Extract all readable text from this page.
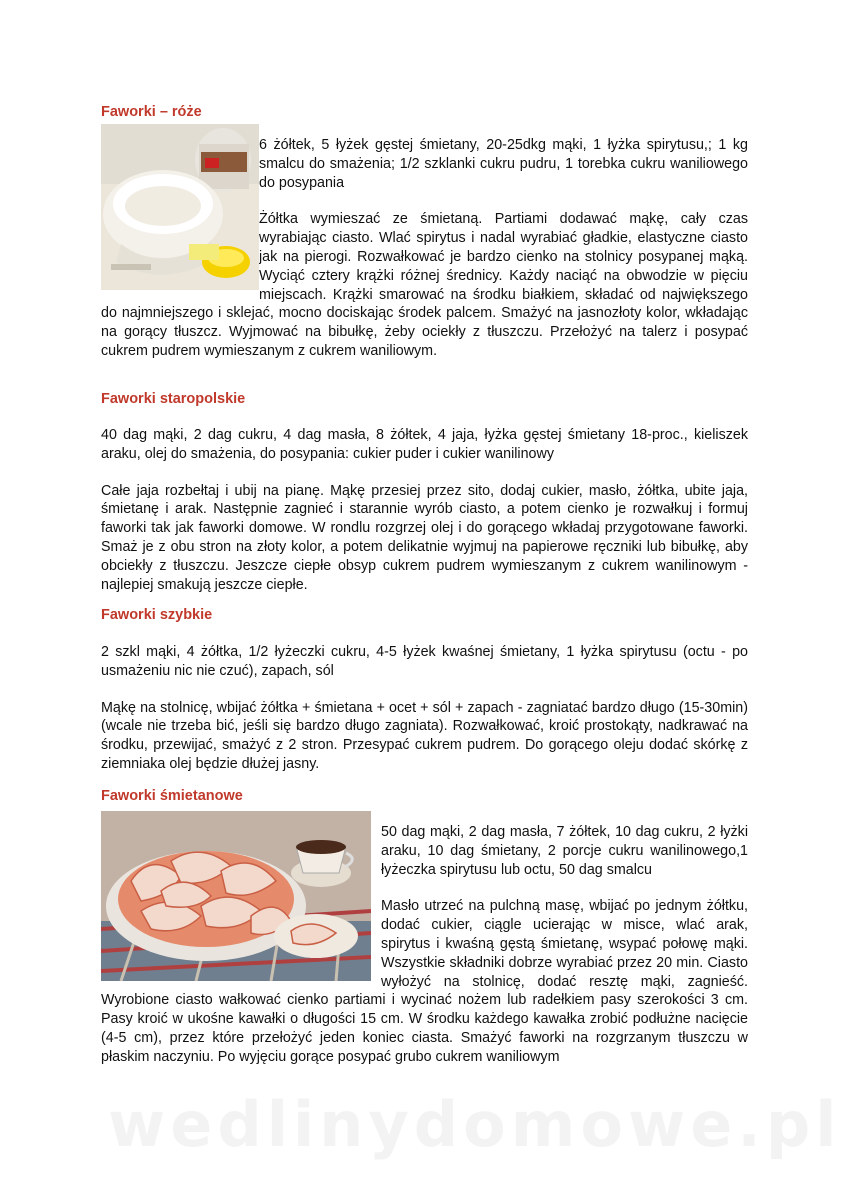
Faworki – róże

6 żółtek, 5 łyżek gęstej śmietany, 20-25dkg mąki, 1 łyżka spirytusu,; 1 kg smalcu do smażenia; 1/2 szklanki cukru pudru, 1 torebka cukru waniliowego do posypania

Żółtka wymieszać ze śmietaną. Partiami dodawać mąkę, cały czas wyrabiając ciasto. Wlać spirytus i nadal wyrabiać gładkie, elastyczne ciasto jak na pierogi. Rozwałkować je bardzo cienko na stolnicy posypanej mąką. Wyciąć cztery krążki różnej średnicy. Każdy naciąć na obwodzie w pięciu miejscach. Krążki smarować na środku białkiem, składać od największego do najmniejszego i sklejać, mocno dociskając środek palcem. Smażyć na jasnozłoty kolor, wkładając na gorący tłuszcz. Wyjmować na bibułkę, żeby ociekły z tłuszczu. Przełożyć na talerz i posypać cukrem pudrem wymieszanym z cukrem waniliowym.

Faworki staropolskie

40 dag mąki, 2 dag cukru, 4 dag masła, 8 żółtek, 4 jaja, łyżka gęstej śmietany 18-proc., kieliszek araku, olej do smażenia, do posypania: cukier puder i cukier wanilinowy

Całe jaja rozbełtaj i ubij na pianę. Mąkę przesiej przez sito, dodaj cukier, masło, żółtka, ubite jaja, śmietanę i arak. Następnie zagnieć i starannie wyrób ciasto, a potem cienko je rozwałkuj i formuj faworki tak jak faworki domowe. W rondlu rozgrzej olej i do gorącego wkładaj przygotowane faworki. Smaż je z obu stron na złoty kolor, a potem delikatnie wyjmuj na papierowe ręczniki lub bibułkę, aby obciekły z tłuszczu. Jeszcze ciepłe obsyp cukrem pudrem wymieszanym z cukrem wanilinowym - najlepiej smakują jeszcze ciepłe.

Faworki szybkie

2 szkl mąki, 4 żółtka, 1/2 łyżeczki cukru, 4-5 łyżek kwaśnej śmietany, 1 łyżka spirytusu (octu - po usmażeniu nic nie czuć), zapach, sól

Mąkę na stolnicę, wbijać żółtka + śmietana + ocet + sól + zapach - zagniatać bardzo długo (15-30min) (wcale nie trzeba bić, jeśli się bardzo długo zagniata). Rozwałkować, kroić prostokąty, nadkrawać na środku, przewijać, smażyć z 2 stron. Przesypać cukrem pudrem. Do gorącego oleju dodać skórkę z ziemniaka olej będzie dłużej jasny.

Faworki śmietanowe

50 dag mąki, 2 dag masła, 7 żółtek, 10 dag cukru, 2 łyżki araku, 10 dag śmietany, 2 porcje cukru wanilinowego,1 łyżeczka spirytusu lub octu, 50 dag smalcu

Masło utrzeć na pulchną masę, wbijać po jednym żółtku, dodać cukier, ciągle ucierając w misce, wlać arak, spirytus i kwaśną gęstą śmietanę, wsypać połowę mąki. Wszystkie składniki dobrze wyrabiać przez 20 min. Ciasto wyłożyć na stolnicę, dodać resztę mąki, zagnieść. Wyrobione ciasto wałkować cienko partiami i wycinać nożem lub radełkiem pasy szerokości 3 cm. Pasy kroić w ukośne kawałki o długości 15 cm. W środku każdego kawałka zrobić podłużne nacięcie (4-5 cm), przez które przełożyć jeden koniec ciasta. Smażyć faworki na rozgrzanym tłuszczu w płaskim naczyniu. Po wyjęciu gorące posypać grubo cukrem waniliowym

wedlinydomowe.pl
